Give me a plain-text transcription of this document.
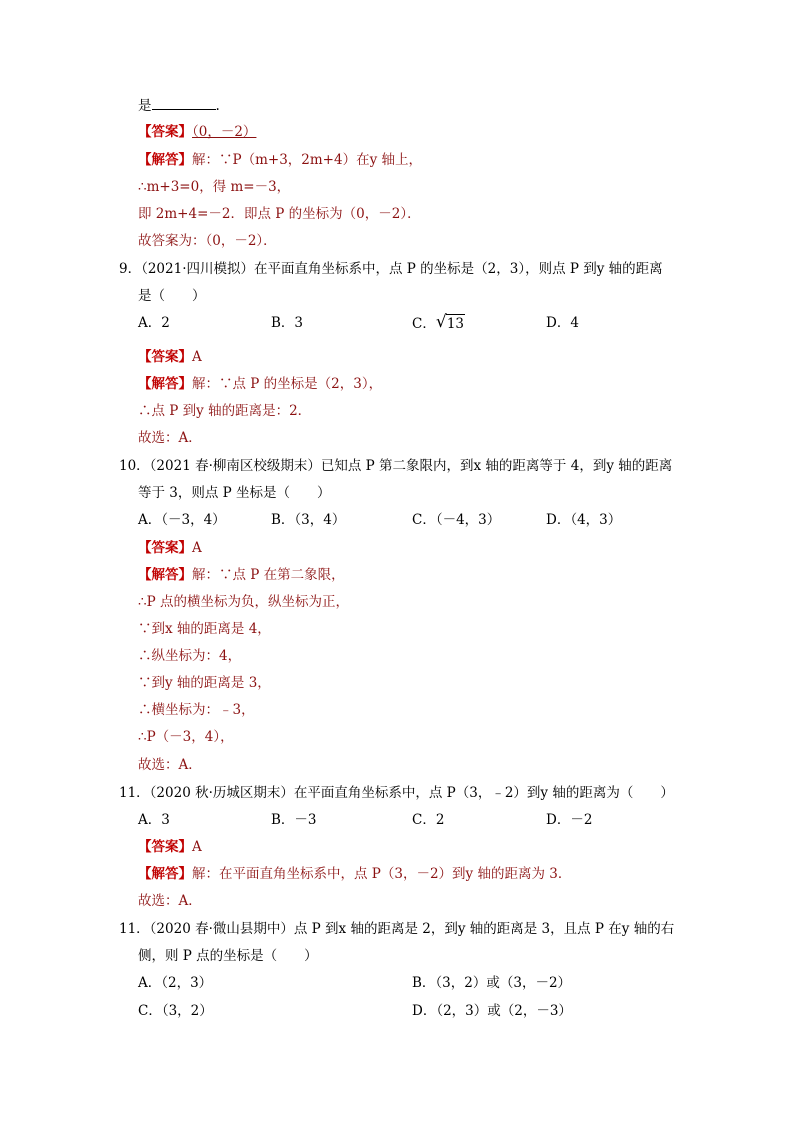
是	.
【答案】（0，－2）
【解答】解：∵P（m+3，2m+4）在y 轴上，
∴m+3=0，得 m=－3，
即 2m+4=－2．即点 P 的坐标为（0，－2）．
故答案为：（0，－2）．
9．（2021·四川模拟）在平面直角坐标系中，点 P 的坐标是（2，3），则点 P 到y 轴的距离
是（　　）
A．2	B．3	C． √ 13	D．4
【答案】A
【解答】解：∵点 P 的坐标是（2，3），
∴点 P 到y 轴的距离是：2．
故选：A．
10．（2021 春·柳南区校级期末）已知点 P 第二象限内，到x 轴的距离等于 4，到y 轴的距离
等于 3，则点 P 坐标是（　　）
A．（－3，4）	B．（3，4）	C．（－4，3）	D．（4，3）
【答案】A
【解答】解：∵点 P 在第二象限，
∴P 点的横坐标为负，纵坐标为正，
∵到x 轴的距离是 4，
∴纵坐标为：4，
∵到y 轴的距离是 3，
∴横坐标为：﹣3，
∴P（－3，4），
故选：A．
11．（2020 秋·历城区期末）在平面直角坐标系中，点 P（3，﹣2）到y 轴的距离为（　　）
A．3	B．－3	C．2	D．－2
【答案】A
【解答】解：在平面直角坐标系中，点 P（3，－2）到y 轴的距离为 3．
故选：A．
11．（2020 春·微山县期中）点 P 到x 轴的距离是 2，到y 轴的距离是 3，且点 P 在y 轴的右
侧，则 P 点的坐标是（　　）
A．（2，3）	B．（3，2）或（3，－2）
C．（3，2）	D．（2，3）或（2，－3）
